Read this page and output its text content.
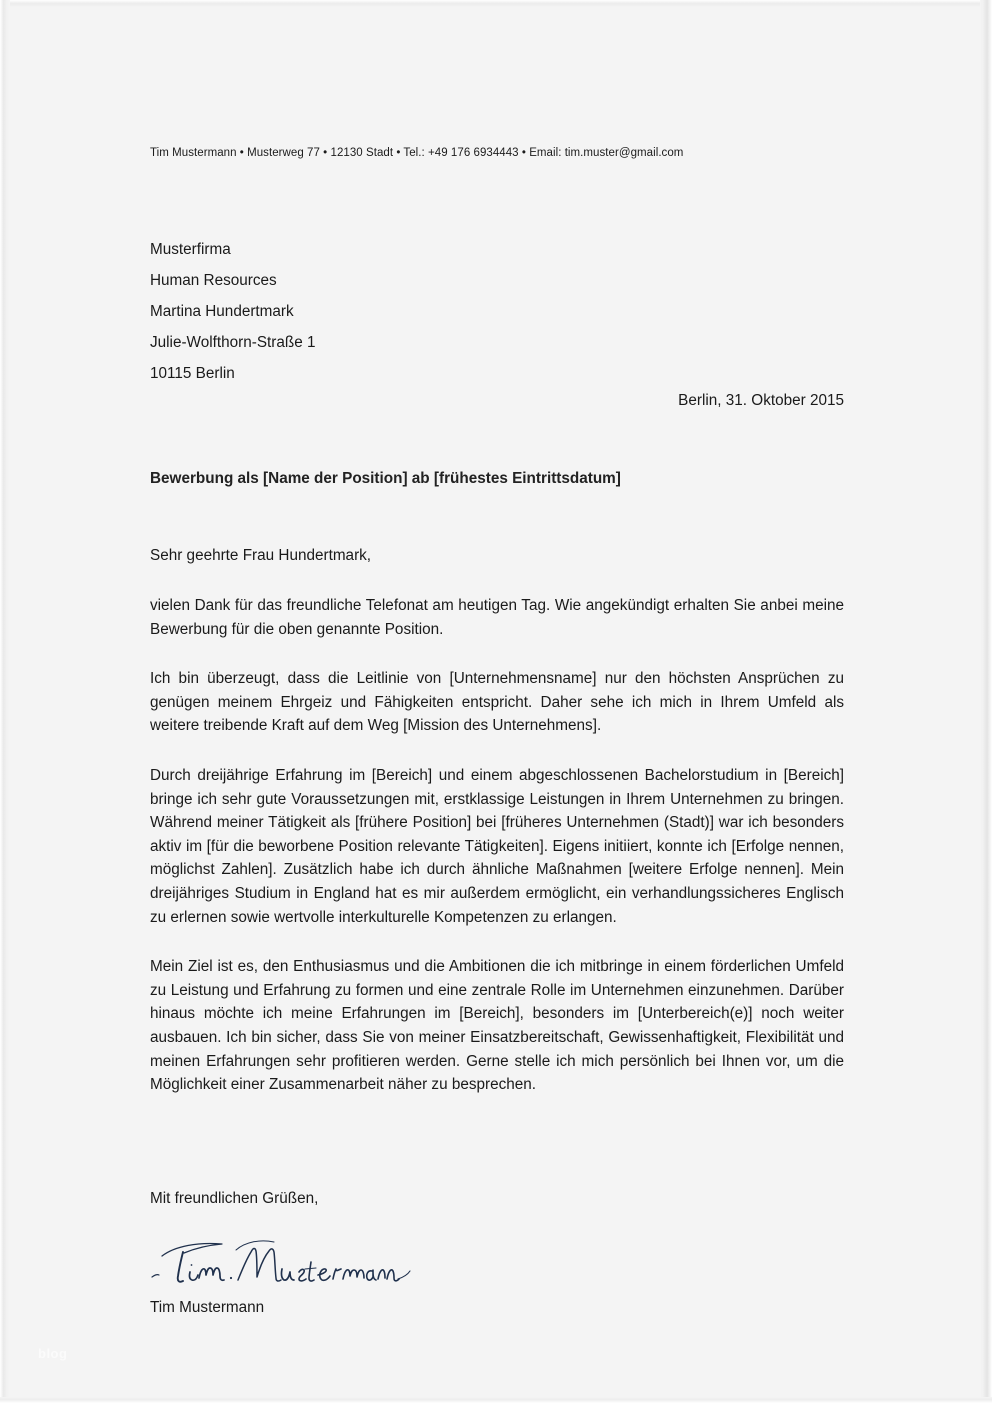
Tim Mustermann • Musterweg 77 • 12130 Stadt • Tel.: +49 176 6934443 • Email: tim.muster@gmail.com
Musterfirma
Human Resources
Martina Hundertmark
Julie-Wolfthorn-Straße 1
10115 Berlin
Berlin, 31. Oktober 2015
Bewerbung als [Name der Position] ab [frühestes Eintrittsdatum]
Sehr geehrte Frau Hundertmark,

vielen Dank für das freundliche Telefonat am heutigen Tag. Wie angekündigt erhalten Sie anbei meine Bewerbung für die oben genannte Position.

Ich bin überzeugt, dass die Leitlinie von [Unternehmensname] nur den höchsten Ansprüchen zu genügen meinem Ehrgeiz und Fähigkeiten entspricht. Daher sehe ich mich in Ihrem Umfeld als weitere treibende Kraft auf dem Weg [Mission des Unternehmens].

Durch dreijährige Erfahrung im [Bereich] und einem abgeschlossenen Bachelorstudium in [Bereich] bringe ich sehr gute Voraussetzungen mit, erstklassige Leistungen in Ihrem Unternehmen zu bringen. Während meiner Tätigkeit als [frühere Position] bei [früheres Unternehmen (Stadt)] war ich besonders aktiv im [für die beworbene Position relevante Tätigkeiten]. Eigens initiiert, konnte ich [Erfolge nennen, möglichst Zahlen]. Zusätzlich habe ich durch ähnliche Maßnahmen [weitere Erfolge nennen]. Mein dreijähriges Studium in England hat es mir außerdem ermöglicht, ein verhandlungssicheres Englisch zu erlernen sowie wertvolle interkulturelle Kompetenzen zu erlangen.

Mein Ziel ist es, den Enthusiasmus und die Ambitionen die ich mitbringe in einem förderlichen Umfeld zu Leistung und Erfahrung zu formen und eine zentrale Rolle im Unternehmen einzunehmen. Darüber hinaus möchte ich meine Erfahrungen im [Bereich], besonders im [Unterbereich(e)] noch weiter ausbauen. Ich bin sicher, dass Sie von meiner Einsatzbereitschaft, Gewissenhaftigkeit, Flexibilität und meinen Erfahrungen sehr profitieren werden. Gerne stelle ich mich persönlich bei Ihnen vor, um die Möglichkeit einer Zusammenarbeit näher zu besprechen.

Mit freundlichen Grüßen,
Tim Mustermann
blog
